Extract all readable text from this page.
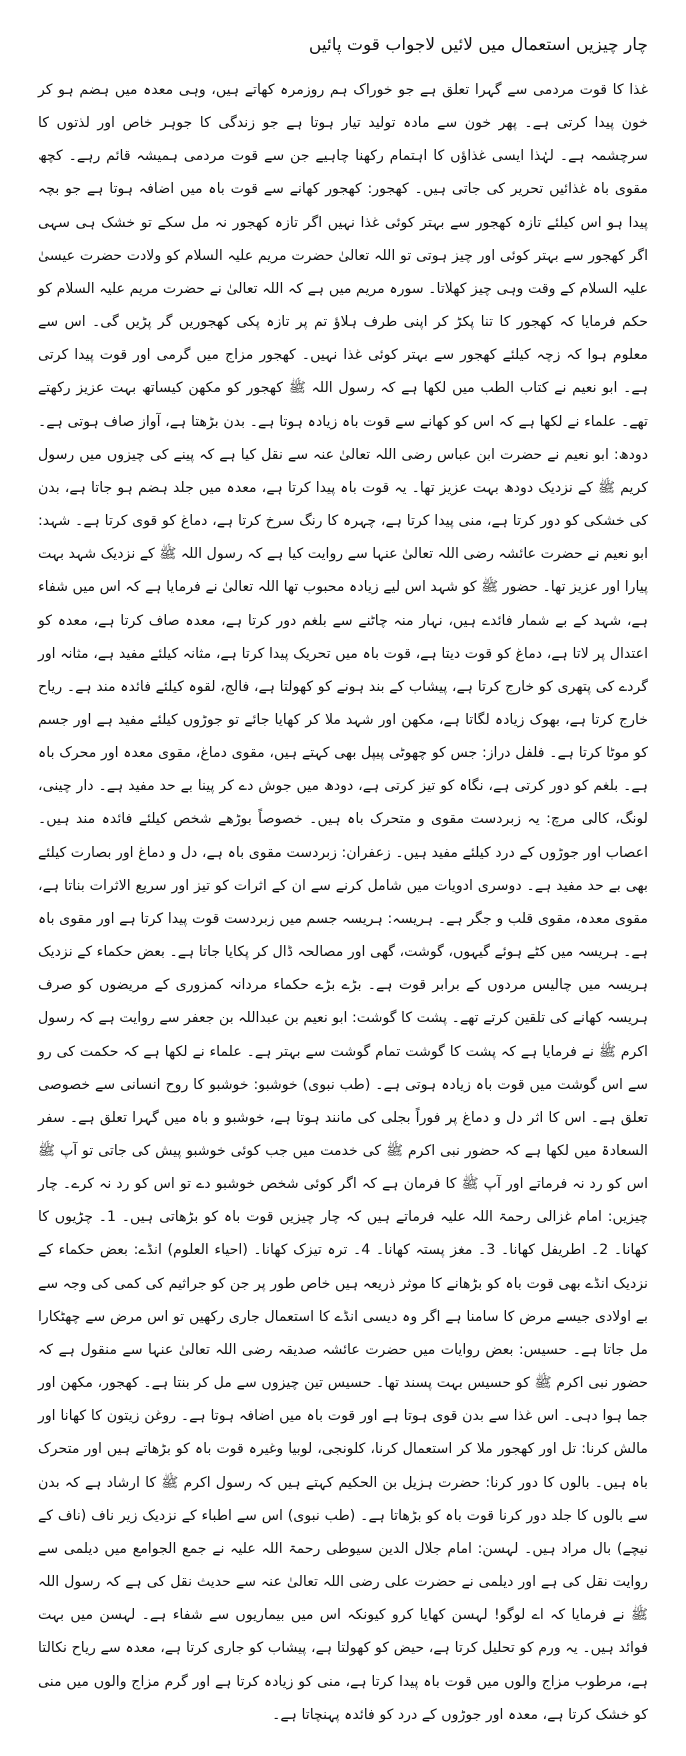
چار چیزیں استعمال میں لائیں لاجواب قوت پائیں

غذا کا قوت مردمی سے گہرا تعلق ہے جو خوراک ہم روزمرہ کھاتے ہیں، وہی معدہ میں ہضم ہو کر خون پیدا کرتی ہے۔ پھر خون سے مادہ تولید تیار ہوتا ہے جو زندگی کا جوہر خاص اور لذتوں کا سرچشمہ ہے۔ لہٰذا ایسی غذاؤں کا اہتمام رکھنا چاہیے جن سے قوت مردمی ہمیشہ قائم رہے۔ کچھ مقوی باہ غذائیں تحریر کی جاتی ہیں۔ کھجور: کھجور کھانے سے قوت باہ میں اضافہ ہوتا ہے جو بچہ پیدا ہو اس کیلئے تازہ کھجور سے بہتر کوئی غذا نہیں اگر تازہ کھجور نہ مل سکے تو خشک ہی سہی اگر کھجور سے بہتر کوئی اور چیز ہوتی تو اللہ تعالیٰ حضرت مریم علیہ السلام کو ولادت حضرت عیسیٰ علیہ السلام کے وقت وہی چیز کھلاتا۔ سورہ مریم میں ہے کہ اللہ تعالیٰ نے حضرت مریم علیہ السلام کو حکم فرمایا کہ کھجور کا تنا پکڑ کر اپنی طرف ہلاؤ تم پر تازہ پکی کھجوریں گر پڑیں گی۔ اس سے معلوم ہوا کہ زچہ کیلئے کھجور سے بہتر کوئی غذا نہیں۔ کھجور مزاج میں گرمی اور قوت پیدا کرتی ہے۔ ابو نعیم نے کتاب الطب میں لکھا ہے کہ رسول اللہ ﷺ کھجور کو مکھن کیساتھ بہت عزیز رکھتے تھے۔ علماء نے لکھا ہے کہ اس کو کھانے سے قوت باہ زیادہ ہوتا ہے۔ بدن بڑھتا ہے، آواز صاف ہوتی ہے۔ دودھ: ابو نعیم نے حضرت ابن عباس رضی اللہ تعالیٰ عنہ سے نقل کیا ہے کہ پینے کی چیزوں میں رسول کریم ﷺ کے نزدیک دودھ بہت عزیز تھا۔ یہ قوت باہ پیدا کرتا ہے، معدہ میں جلد ہضم ہو جاتا ہے، بدن کی خشکی کو دور کرتا ہے، منی پیدا کرتا ہے، چہرہ کا رنگ سرخ کرتا ہے، دماغ کو قوی کرتا ہے۔ شہد: ابو نعیم نے حضرت عائشہ رضی اللہ تعالیٰ عنہا سے روایت کیا ہے کہ رسول اللہ ﷺ کے نزدیک شہد بہت پیارا اور عزیز تھا۔ حضور ﷺ کو شہد اس لیے زیادہ محبوب تھا اللہ تعالیٰ نے فرمایا ہے کہ اس میں شفاء ہے، شہد کے بے شمار فائدے ہیں، نہار منہ چاٹنے سے بلغم دور کرتا ہے، معدہ صاف کرتا ہے، معدہ کو اعتدال پر لاتا ہے، دماغ کو قوت دیتا ہے، قوت باہ میں تحریک پیدا کرتا ہے، مثانہ کیلئے مفید ہے، مثانہ اور گردے کی پتھری کو خارج کرتا ہے، پیشاب کے بند ہونے کو کھولتا ہے، فالج، لقوہ کیلئے فائدہ مند ہے۔ ریاح خارج کرتا ہے، بھوک زیادہ لگاتا ہے، مکھن اور شہد ملا کر کھایا جائے تو جوڑوں کیلئے مفید ہے اور جسم کو موٹا کرتا ہے۔ فلفل دراز: جس کو چھوٹی پیپل بھی کہتے ہیں، مقوی دماغ، مقوی معدہ اور محرک باہ ہے۔ بلغم کو دور کرتی ہے، نگاہ کو تیز کرتی ہے، دودھ میں جوش دے کر پینا بے حد مفید ہے۔ دار چینی، لونگ، کالی مرچ: یہ زبردست مقوی و متحرک باہ ہیں۔ خصوصاً بوڑھے شخص کیلئے فائدہ مند ہیں۔ اعصاب اور جوڑوں کے درد کیلئے مفید ہیں۔ زعفران: زبردست مقوی باہ ہے، دل و دماغ اور بصارت کیلئے بھی بے حد مفید ہے۔ دوسری ادویات میں شامل کرنے سے ان کے اثرات کو تیز اور سریع الاثرات بناتا ہے، مقوی معدہ، مقوی قلب و جگر ہے۔ ہریسہ: ہریسہ جسم میں زبردست قوت پیدا کرتا ہے اور مقوی باہ ہے۔ ہریسہ میں کٹے ہوئے گیہوں، گوشت، گھی اور مصالحہ ڈال کر پکایا جاتا ہے۔ بعض حکماء کے نزدیک ہریسہ میں چالیس مردوں کے برابر قوت ہے۔ بڑے بڑے حکماء مردانہ کمزوری کے مریضوں کو صرف ہریسہ کھانے کی تلقین کرتے تھے۔ پشت کا گوشت: ابو نعیم بن عبداللہ بن جعفر سے روایت ہے کہ رسول اکرم ﷺ نے فرمایا ہے کہ پشت کا گوشت تمام گوشت سے بہتر ہے۔ علماء نے لکھا ہے کہ حکمت کی رو سے اس گوشت میں قوت باہ زیادہ ہوتی ہے۔ (طب نبوی) خوشبو: خوشبو کا روح انسانی سے خصوصی تعلق ہے۔ اس کا اثر دل و دماغ پر فوراً بجلی کی مانند ہوتا ہے، خوشبو و باہ میں گہرا تعلق ہے۔ سفر السعادۃ میں لکھا ہے کہ حضور نبی اکرم ﷺ کی خدمت میں جب کوئی خوشبو پیش کی جاتی تو آپ ﷺ اس کو رد نہ فرماتے اور آپ ﷺ کا فرمان ہے کہ اگر کوئی شخص خوشبو دے تو اس کو رد نہ کرے۔ چار چیزیں: امام غزالی رحمۃ اللہ علیہ فرماتے ہیں کہ چار چیزیں قوت باہ کو بڑھاتی ہیں۔ 1۔ چڑیوں کا کھانا۔ 2۔ اطریفل کھانا۔ 3۔ مغز پستہ کھانا۔ 4۔ ترہ تیزک کھانا۔ (احیاء العلوم) انڈے: بعض حکماء کے نزدیک انڈے بھی قوت باہ کو بڑھانے کا موثر ذریعہ ہیں خاص طور پر جن کو جراثیم کی کمی کی وجہ سے بے اولادی جیسے مرض کا سامنا ہے اگر وہ دیسی انڈے کا استعمال جاری رکھیں تو اس مرض سے چھٹکارا مل جاتا ہے۔ حسیس: بعض روایات میں حضرت عائشہ صدیقہ رضی اللہ تعالیٰ عنہا سے منقول ہے کہ حضور نبی اکرم ﷺ کو حسیس بہت پسند تھا۔ حسیس تین چیزوں سے مل کر بنتا ہے۔ کھجور، مکھن اور جما ہوا دہی۔ اس غذا سے بدن قوی ہوتا ہے اور قوت باہ میں اضافہ ہوتا ہے۔ روغن زیتون کا کھانا اور مالش کرنا: تل اور کھجور ملا کر استعمال کرنا، کلونجی، لوبیا وغیرہ قوت باہ کو بڑھاتے ہیں اور متحرک باہ ہیں۔ بالوں کا دور کرنا: حضرت ہزیل بن الحکیم کہتے ہیں کہ رسول اکرم ﷺ کا ارشاد ہے کہ بدن سے بالوں کا جلد دور کرنا قوت باہ کو بڑھاتا ہے۔ (طب نبوی) اس سے اطباء کے نزدیک زیر ناف (ناف کے نیچے) بال مراد ہیں۔ لہسن: امام جلال الدین سیوطی رحمۃ اللہ علیہ نے جمع الجوامع میں دیلمی سے روایت نقل کی ہے اور دیلمی نے حضرت علی رضی اللہ تعالیٰ عنہ سے حدیث نقل کی ہے کہ رسول اللہ ﷺ نے فرمایا کہ اے لوگو! لہسن کھایا کرو کیونکہ اس میں بیماریوں سے شفاء ہے۔ لہسن میں بہت فوائد ہیں۔ یہ ورم کو تحلیل کرتا ہے، حیض کو کھولتا ہے، پیشاب کو جاری کرتا ہے، معدہ سے ریاح نکالتا ہے، مرطوب مزاج والوں میں قوت باہ پیدا کرتا ہے، منی کو زیادہ کرتا ہے اور گرم مزاج والوں میں منی کو خشک کرتا ہے، معدہ اور جوڑوں کے درد کو فائدہ پہنچاتا ہے۔
